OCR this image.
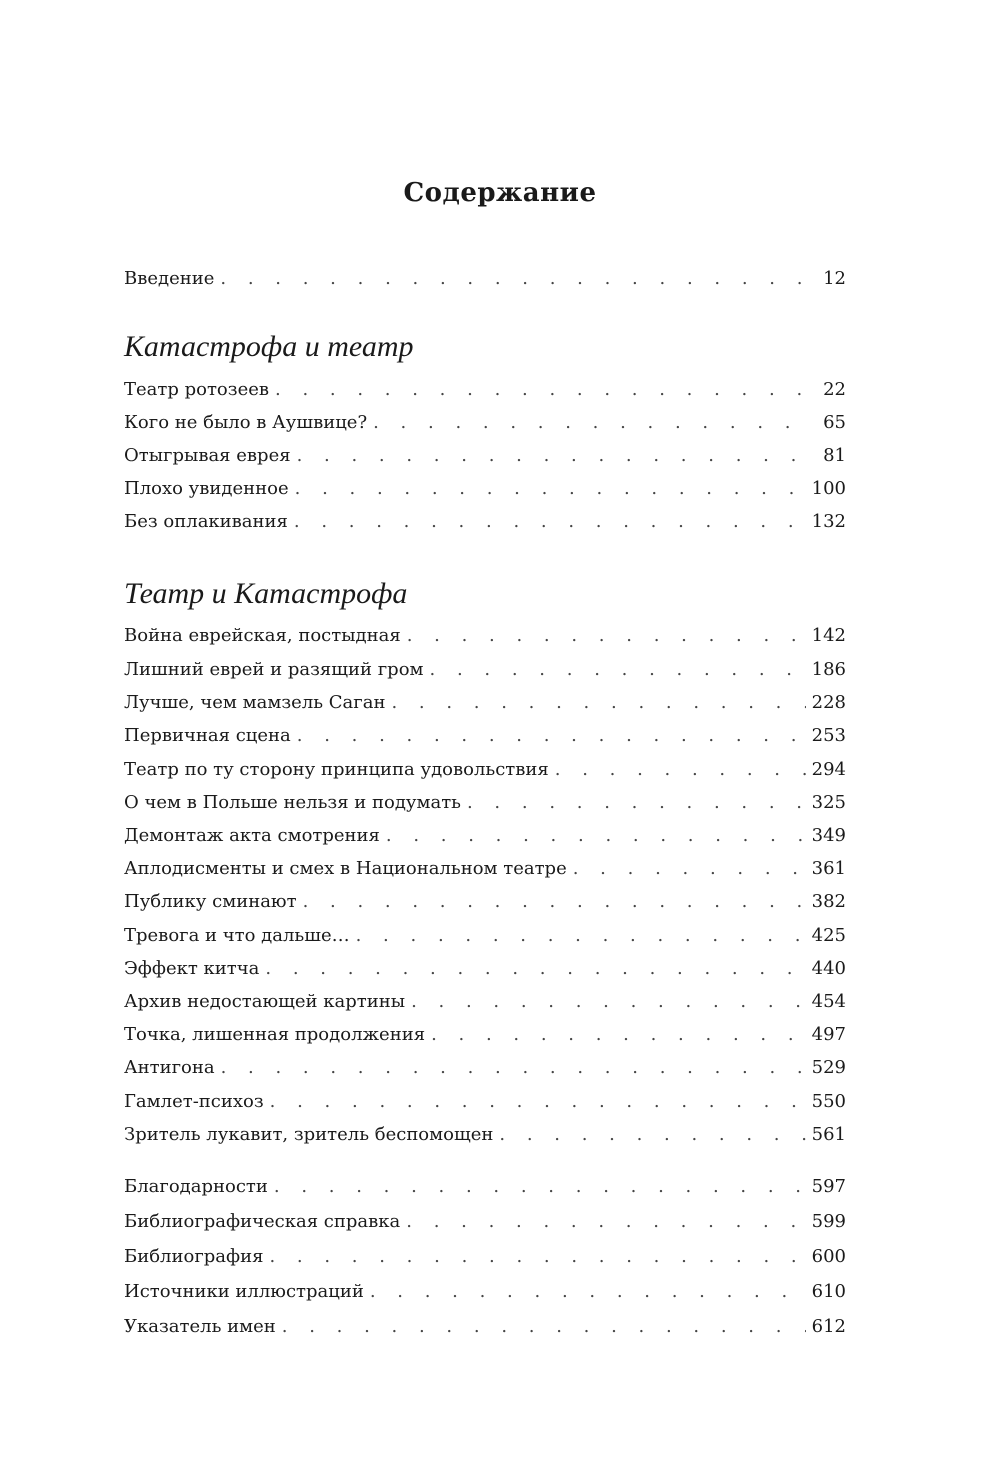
Содержание
Введение . . .	12
Катастрофа и театр
Театр ротозеев . . .	22
Кого не было в Аушвице? . . .	65
Отыгрывая еврея . . .	81
Плохо увиденное . . .	100
Без оплакивания . . .	132
Театр и Катастрофа
Война еврейская, постыдная . . .	142
Лишний еврей и разящий гром . . .	186
Лучше, чем мамзель Саган . . .	228
Первичная сцена . . .	253
Театр по ту сторону принципа удовольствия . . .	294
О чем в Польше нельзя и подумать . . .	325
Демонтаж акта смотрения . . .	349
Аплодисменты и смех в Национальном театре . . .	361
Публику сминают . . .	382
Тревога и что дальше… . . .	425
Эффект китча . . .	440
Архив недостающей картины . . .	454
Точка, лишенная продолжения . . .	497
Антигона . . .	529
Гамлет-психоз . . .	550
Зритель лукавит, зритель беспомощен . . .	561
Благодарности . . .	597
Библиографическая справка . . .	599
Библиография . . .	600
Источники иллюстраций . . .	610
Указатель имен . . .	612
